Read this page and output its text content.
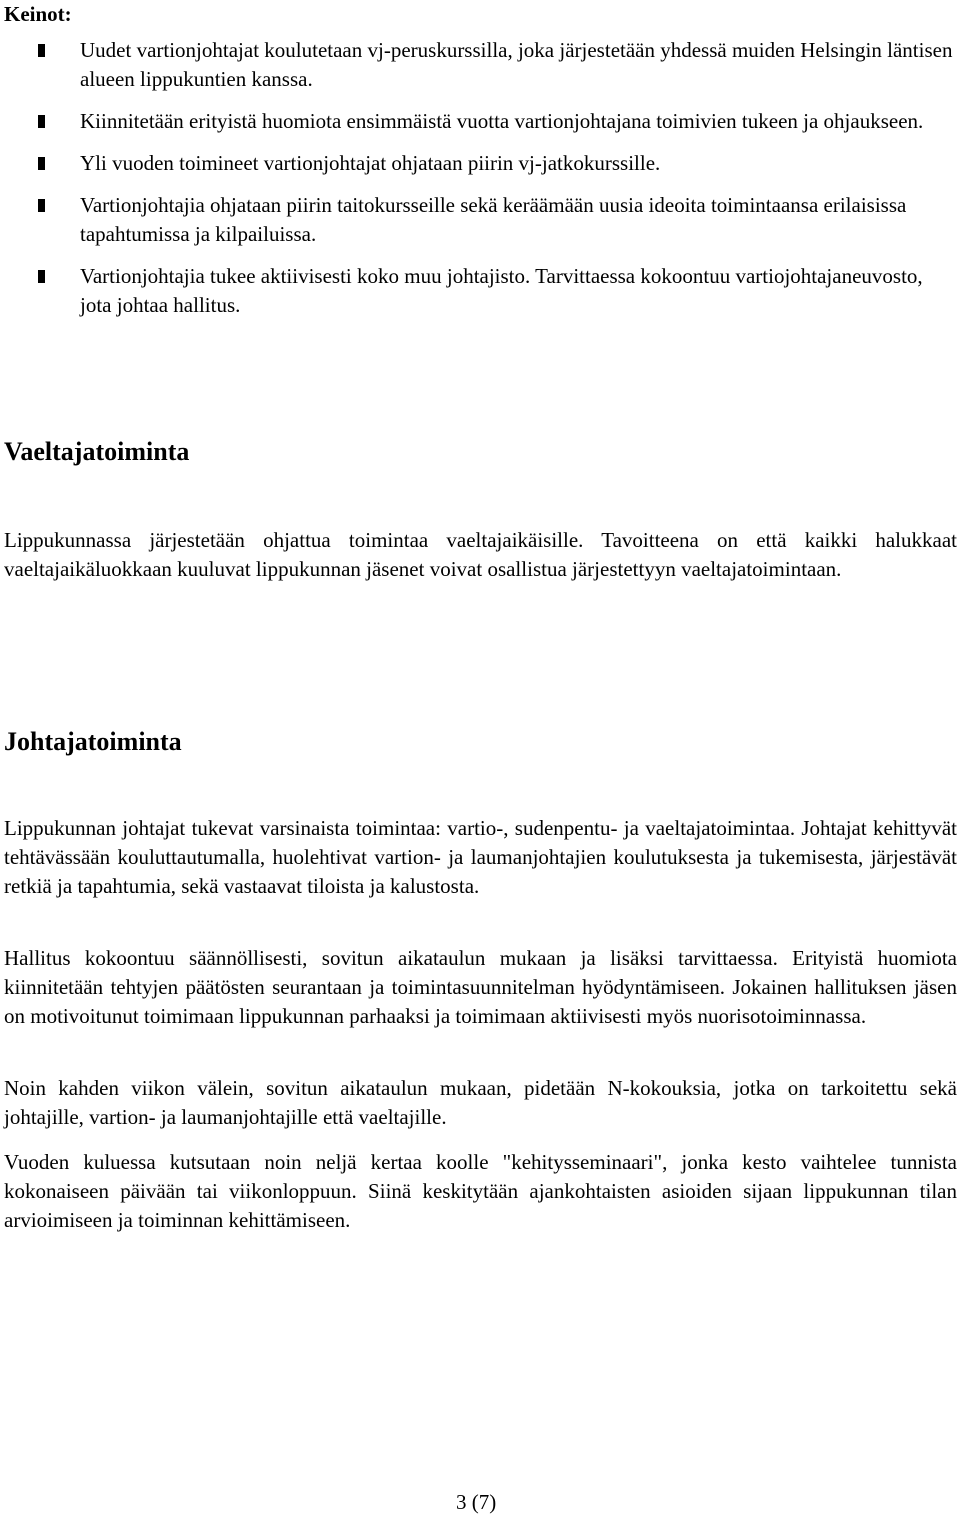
Keinot:
Uudet vartionjohtajat koulutetaan vj-peruskurssilla, joka järjestetään yhdessä muiden Helsingin läntisen alueen lippukuntien kanssa.
Kiinnitetään erityistä huomiota ensimmäistä vuotta vartionjohtajana toimivien tukeen ja ohjaukseen.
Yli vuoden toimineet vartionjohtajat ohjataan piirin vj-jatkokurssille.
Vartionjohtajia ohjataan piirin taitokursseille sekä keräämään uusia ideoita toimintaansa erilaisissa tapahtumissa ja kilpailuissa.
Vartionjohtajia tukee aktiivisesti koko muu johtajisto. Tarvittaessa kokoontuu vartiojohtajaneuvosto, jota johtaa hallitus.
Vaeltajatoiminta

Lippukunnassa järjestetään ohjattua toimintaa vaeltajaikäisille. Tavoitteena on että kaikki halukkaat vaeltajaikäluokkaan kuuluvat lippukunnan jäsenet voivat osallistua järjestettyyn vaeltajatoimintaan.

Johtajatoiminta

Lippukunnan johtajat tukevat varsinaista toimintaa: vartio-, sudenpentu- ja vaeltajatoimintaa. Johtajat kehittyvät tehtävässään kouluttautumalla, huolehtivat vartion- ja laumanjohtajien koulutuksesta ja tukemisesta, järjestävät retkiä ja tapahtumia, sekä vastaavat tiloista ja kalustosta.

Hallitus kokoontuu säännöllisesti, sovitun aikataulun mukaan ja lisäksi tarvittaessa. Erityistä huomiota kiinnitetään tehtyjen päätösten seurantaan ja toimintasuunnitelman hyödyntämiseen. Jokainen hallituksen jäsen on motivoitunut toimimaan lippukunnan parhaaksi ja toimimaan aktiivisesti myös nuorisotoiminnassa.

Noin kahden viikon välein, sovitun aikataulun mukaan, pidetään N-kokouksia, jotka on tarkoitettu sekä johtajille, vartion- ja laumanjohtajille että vaeltajille.

Vuoden kuluessa kutsutaan noin neljä kertaa koolle "kehitysseminaari", jonka kesto vaihtelee tunnista kokonaiseen päivään tai viikonloppuun. Siinä keskitytään ajankohtaisten asioiden sijaan lippukunnan tilan arvioimiseen ja toiminnan kehittämiseen.

3 (7)
